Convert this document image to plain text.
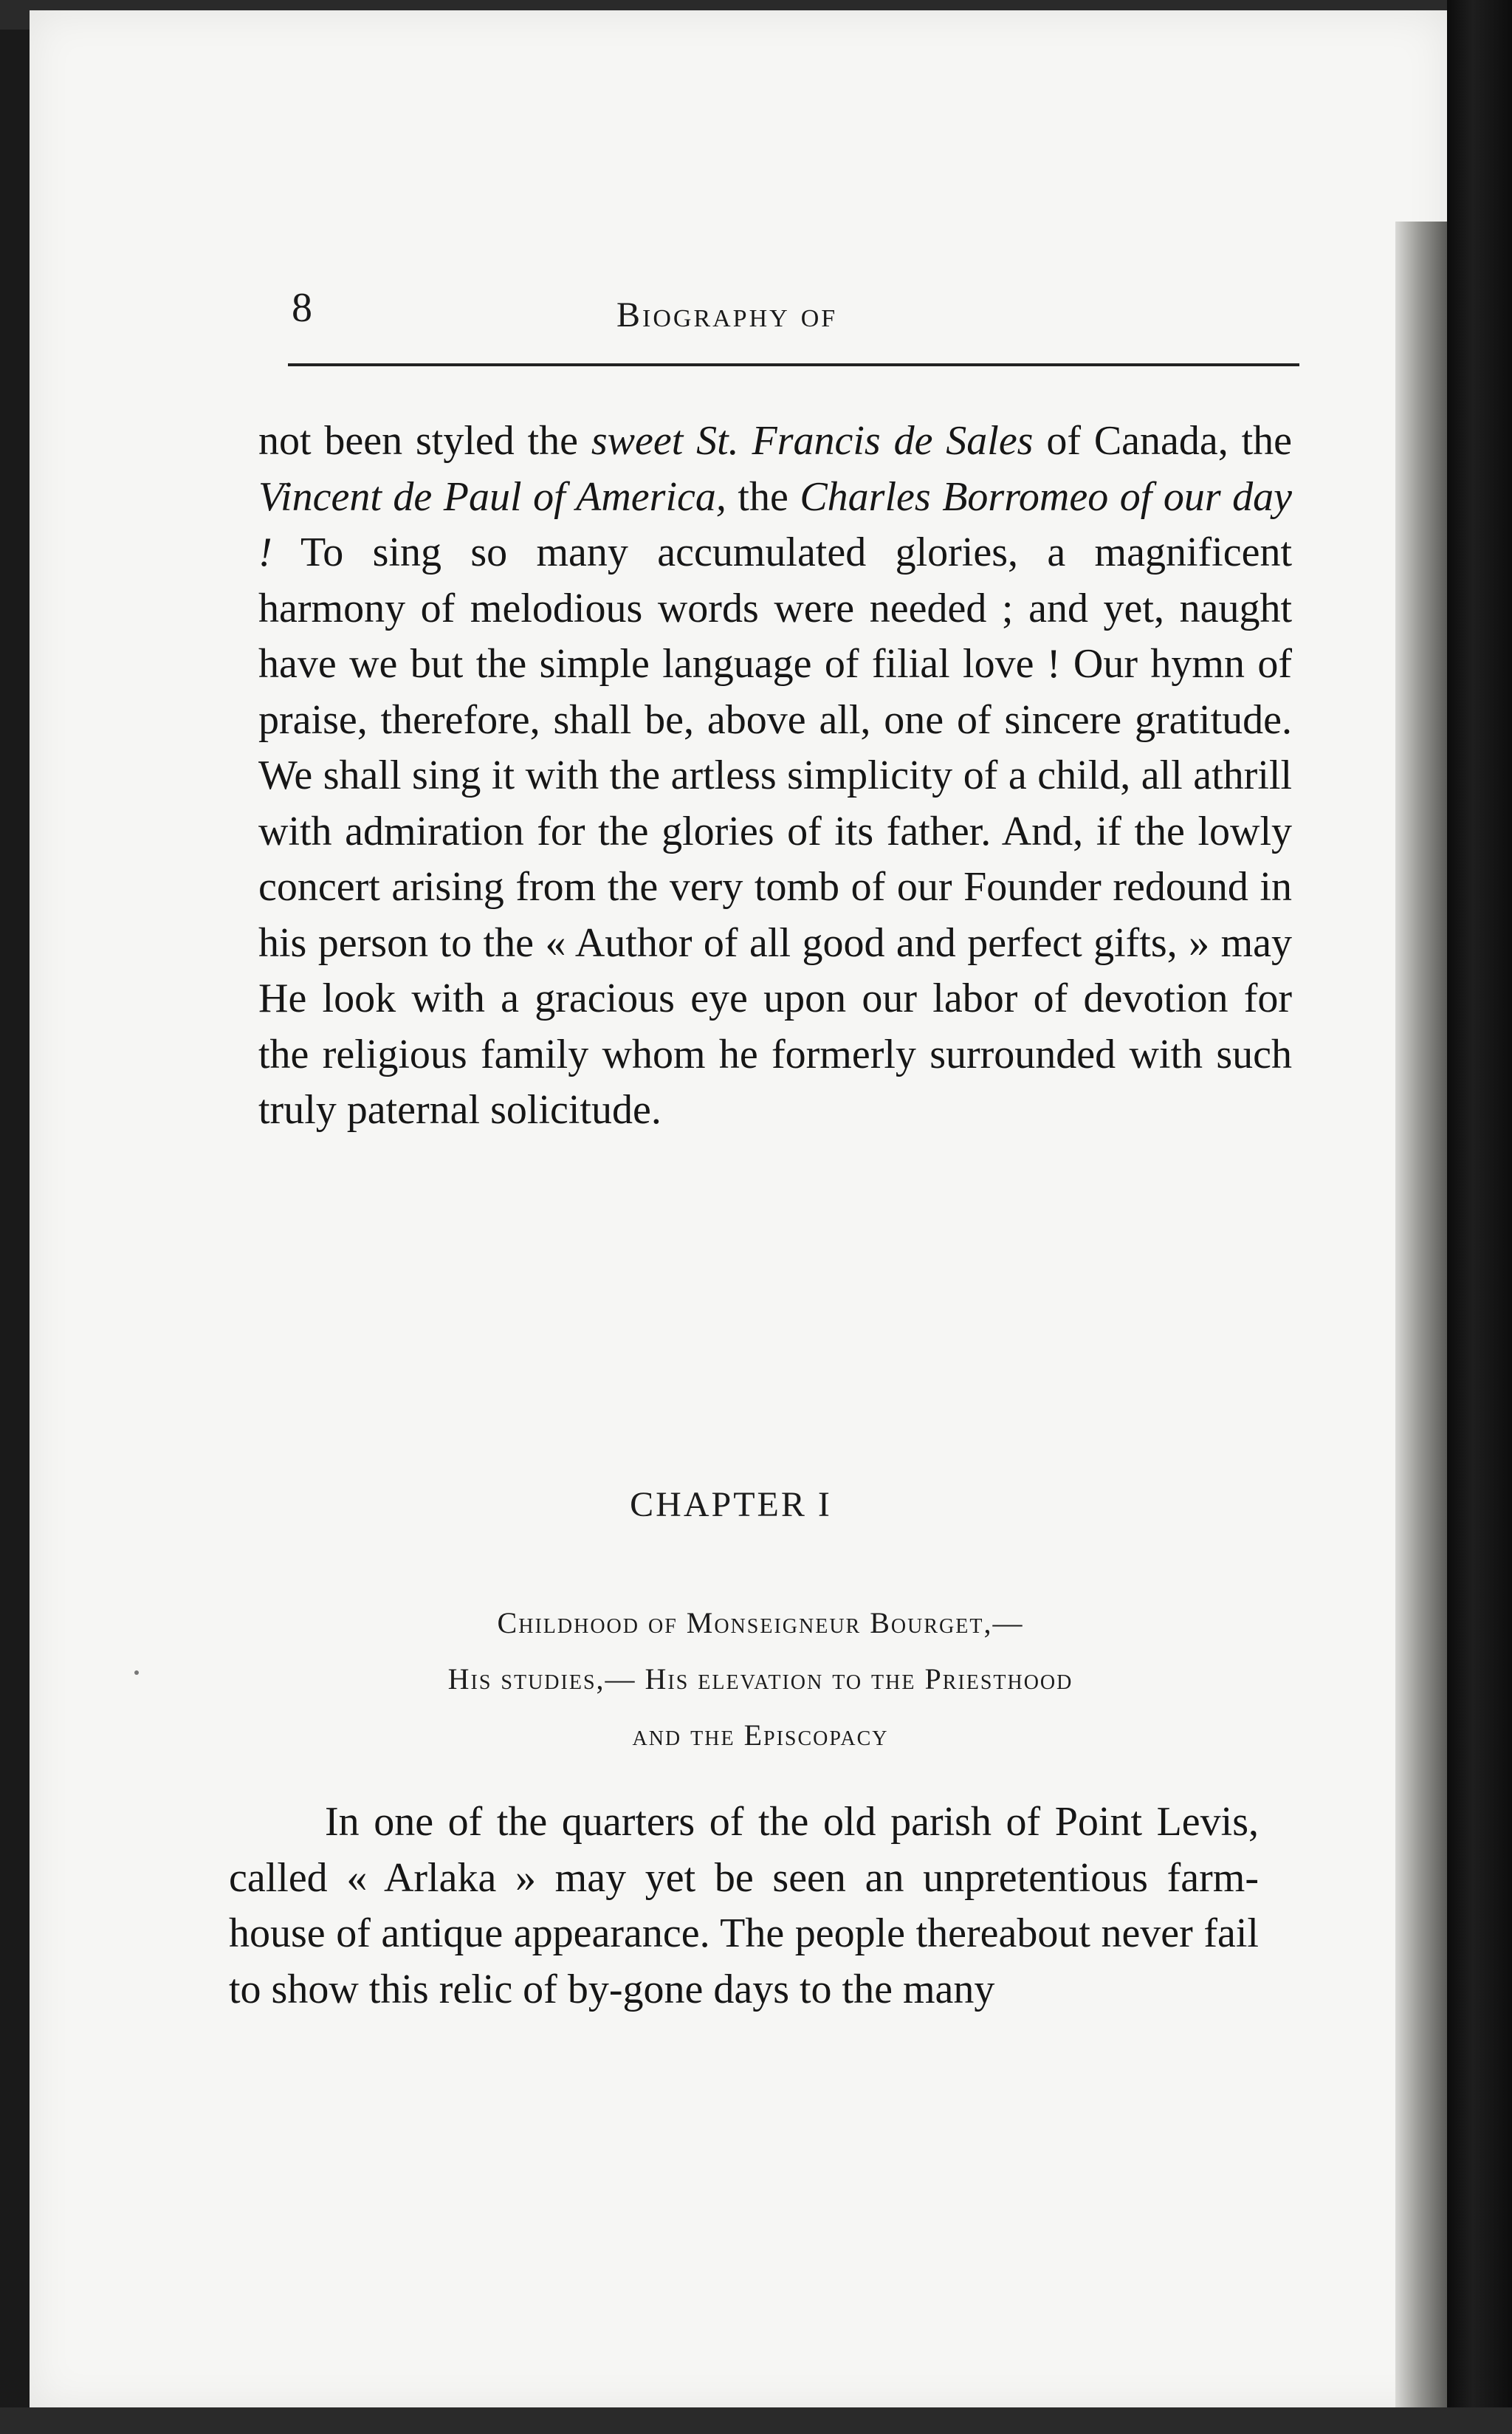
8	Biography of

not been styled the sweet St. Francis de Sales of Canada, the Vincent de Paul of America, the Charles Borromeo of our day ! To sing so many accumulated glories, a magnificent harmony of melodious words were needed ; and yet, naught have we but the simple language of filial love ! Our hymn of praise, therefore, shall be, above all, one of sincere gratitude. We shall sing it with the artless simplicity of a child, all athrill with admiration for the glories of its father. And, if the lowly concert arising from the very tomb of our Founder redound in his person to the « Author of all good and perfect gifts, » may He look with a gracious eye upon our labor of devotion for the religious family whom he formerly surrounded with such truly paternal solicitude.

CHAPTER I
Childhood of Monseigneur Bourget,—
His studies,— His elevation to the Priesthood
and the Episcopacy

In one of the quarters of the old parish of Point Levis, called « Arlaka » may yet be seen an unpretentious farm-house of antique appearance. The people thereabout never fail to show this relic of by-gone days to the many
